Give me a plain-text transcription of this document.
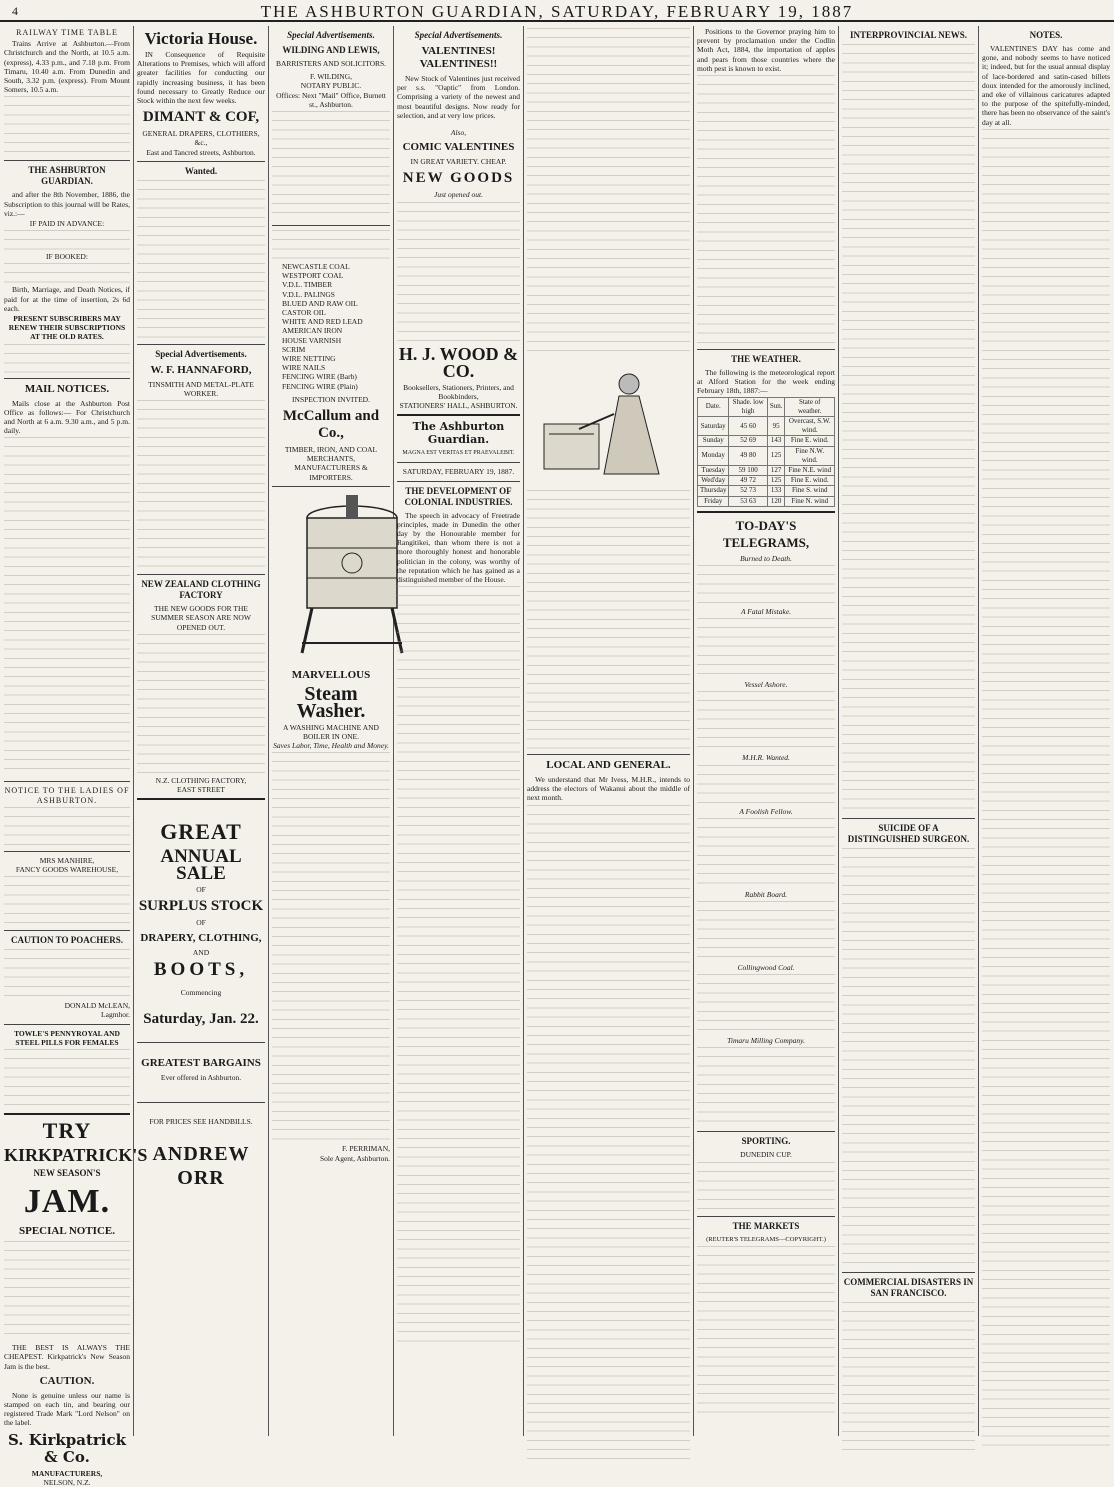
4	THE ASHBURTON GUARDIAN, SATURDAY, FEBRUARY 19, 1887
RAILWAY TIME TABLE

Trains Arrive at Ashburton.—From Christchurch and the North, at 10.5 a.m. (express), 4.33 p.m., and 7.18 p.m. From Timaru, 10.40 a.m. From Dunedin and South, 3.32 p.m. (express). From Mount Somers, 10.5 a.m.

THE ASHBURTON GUARDIAN.

and after the 8th November, 1886, the Subscription to this journal will be Rates, viz.:—

IF PAID IN ADVANCE:
IF BOOKED:

Birth, Marriage, and Death Notices, if paid for at the time of insertion, 2s 6d each.

PRESENT SUBSCRIBERS MAY RENEW THEIR SUBSCRIPTIONS AT THE OLD RATES.
MAIL NOTICES.

Mails close at the Ashburton Post Office as follows:— For Christchurch and North at 6 a.m. 9.30 a.m., and 5 p.m. daily.

NOTICE TO THE LADIES OF ASHBURTON.
MRS MANHIRE,
FANCY GOODS WAREHOUSE,
CAUTION TO POACHERS.
DONALD McLEAN,
Lagmhor.
TOWLE'S PENNYROYAL AND STEEL PILLS FOR FEMALES
TRY
KIRKPATRICK'S
NEW SEASON'S
JAM.
SPECIAL NOTICE.

THE BEST IS ALWAYS THE CHEAPEST. Kirkpatrick's New Season Jam is the best.

CAUTION.

None is genuine unless our name is stamped on each tin, and bearing our registered Trade Mark "Lord Nelson" on the label.

S. Kirkpatrick & Co.
MANUFACTURERS,
NELSON, N.Z.
Victoria House.

IN Consequence of Requisite Alterations to Premises, which will afford greater facilities for conducting our rapidly increasing business, it has been found necessary to Greatly Reduce our Stock within the next few weeks.

DIMANT & COF,
GENERAL DRAPERS, CLOTHIERS, &c.,
East and Tancred streets, Ashburton.
Wanted.
Special Advertisements.
W. F. HANNAFORD,
TINSMITH AND METAL-PLATE WORKER.
NEW ZEALAND CLOTHING FACTORY
THE NEW GOODS FOR THE SUMMER SEASON ARE NOW OPENED OUT.
N.Z. CLOTHING FACTORY,
EAST STREET
GREAT
ANNUAL SALE
OF
SURPLUS STOCK
OF
DRAPERY, CLOTHING,
AND
BOOTS,
Commencing
Saturday, Jan. 22.
GREATEST BARGAINS
Ever offered in Ashburton.
FOR PRICES SEE HANDBILLS.
ANDREW ORR
Special Advertisements.
WILDING AND LEWIS,
BARRISTERS AND SOLICITORS.
F. WILDING,
NOTARY PUBLIC.
Offices: Next "Mail" Office, Burnett st., Ashburton.
NEWCASTLE COAL
WESTPORT COAL
V.D.L. TIMBER
V.D.L. PALINGS
BLUED AND RAW OIL
CASTOR OIL
WHITE AND RED LEAD
AMERICAN IRON
HOUSE VARNISH
SCRIM
WIRE NETTING
WIRE NAILS
FENCING WIRE (Barb)
FENCING WIRE (Plain)
INSPECTION INVITED.
McCallum and Co.,
TIMBER, IRON, AND COAL MERCHANTS,
MANUFACTURERS & IMPORTERS.
MARVELLOUS
Steam Washer.
A WASHING MACHINE AND BOILER IN ONE.
Saves Labor, Time, Health and Money.
F. PERRIMAN,
Sole Agent, Ashburton.
Special Advertisements.
VALENTINES! VALENTINES!!

New Stock of Valentines just received per s.s. "Oaptic" from London. Comprising a variety of the newest and most beautiful designs. Now ready for selection, and at very low prices.

Also,
COMIC VALENTINES
IN GREAT VARIETY. CHEAP.
NEW GOODS
Just opened out.
H. J. WOOD & CO.
Booksellers, Stationers, Printers, and Bookbinders,
STATIONERS' HALL, ASHBURTON.
The Ashburton Guardian.
MAGNA EST VERITAS ET PRAEVALEBIT.
SATURDAY, FEBRUARY 19, 1887.
THE DEVELOPMENT OF COLONIAL INDUSTRIES.

The speech in advocacy of Freetrade principles, made in Dunedin the other day by the Honourable member for Rangitikei, than whom there is not a more thoroughly honest and honorable politician in the colony, was worthy of the reputation which he has gained as a distinguished member of the House.

LOCAL AND GENERAL.

We understand that Mr Ivess, M.H.R., intends to address the electors of Wakanui about the middle of next month.

Positions to the Governor praying him to prevent by proclamation under the Codlin Moth Act, 1884, the importation of apples and pears from those countries where the moth pest is known to exist.

THE WEATHER.

The following is the meteorological report at Alford Station for the week ending February 18th, 1887:—

Date.	Shade. low high	Sun.	State of weather.
Saturday	45 60	95	Overcast, S.W. wind.
Sunday	52 69	143	Fine E. wind.
Monday	49 80	125	Fine N.W. wind.
Tuesday	59 100	127	Fine N.E. wind
Wed'day	49 72	125	Fine E. wind.
Thursday	52 73	133	Fine S. wind
Friday	53 63	120	Fine N. wind
TO-DAY'S TELEGRAMS,
Burned to Death.
A Fatal Mistake.
Vessel Ashore.
M.H.R. Wanted.
A Foolish Fellow.
Rabbit Board.
Collingwood Coal.
Timaru Milling Company.
SPORTING.
DUNEDIN CUP.
THE MARKETS
(REUTER'S TELEGRAMS—COPYRIGHT.)
INTERPROVINCIAL NEWS.
SUICIDE OF A DISTINGUISHED SURGEON.
COMMERCIAL DISASTERS IN SAN FRANCISCO.
NOTES.

VALENTINE'S DAY has come and gone, and nobody seems to have noticed it; indeed, but for the usual annual display of lace-bordered and satin-cased billets doux intended for the amorously inclined, and eke of villainous caricatures adapted to the purpose of the spitefully-minded, there has been no observance of the saint's day at all.
